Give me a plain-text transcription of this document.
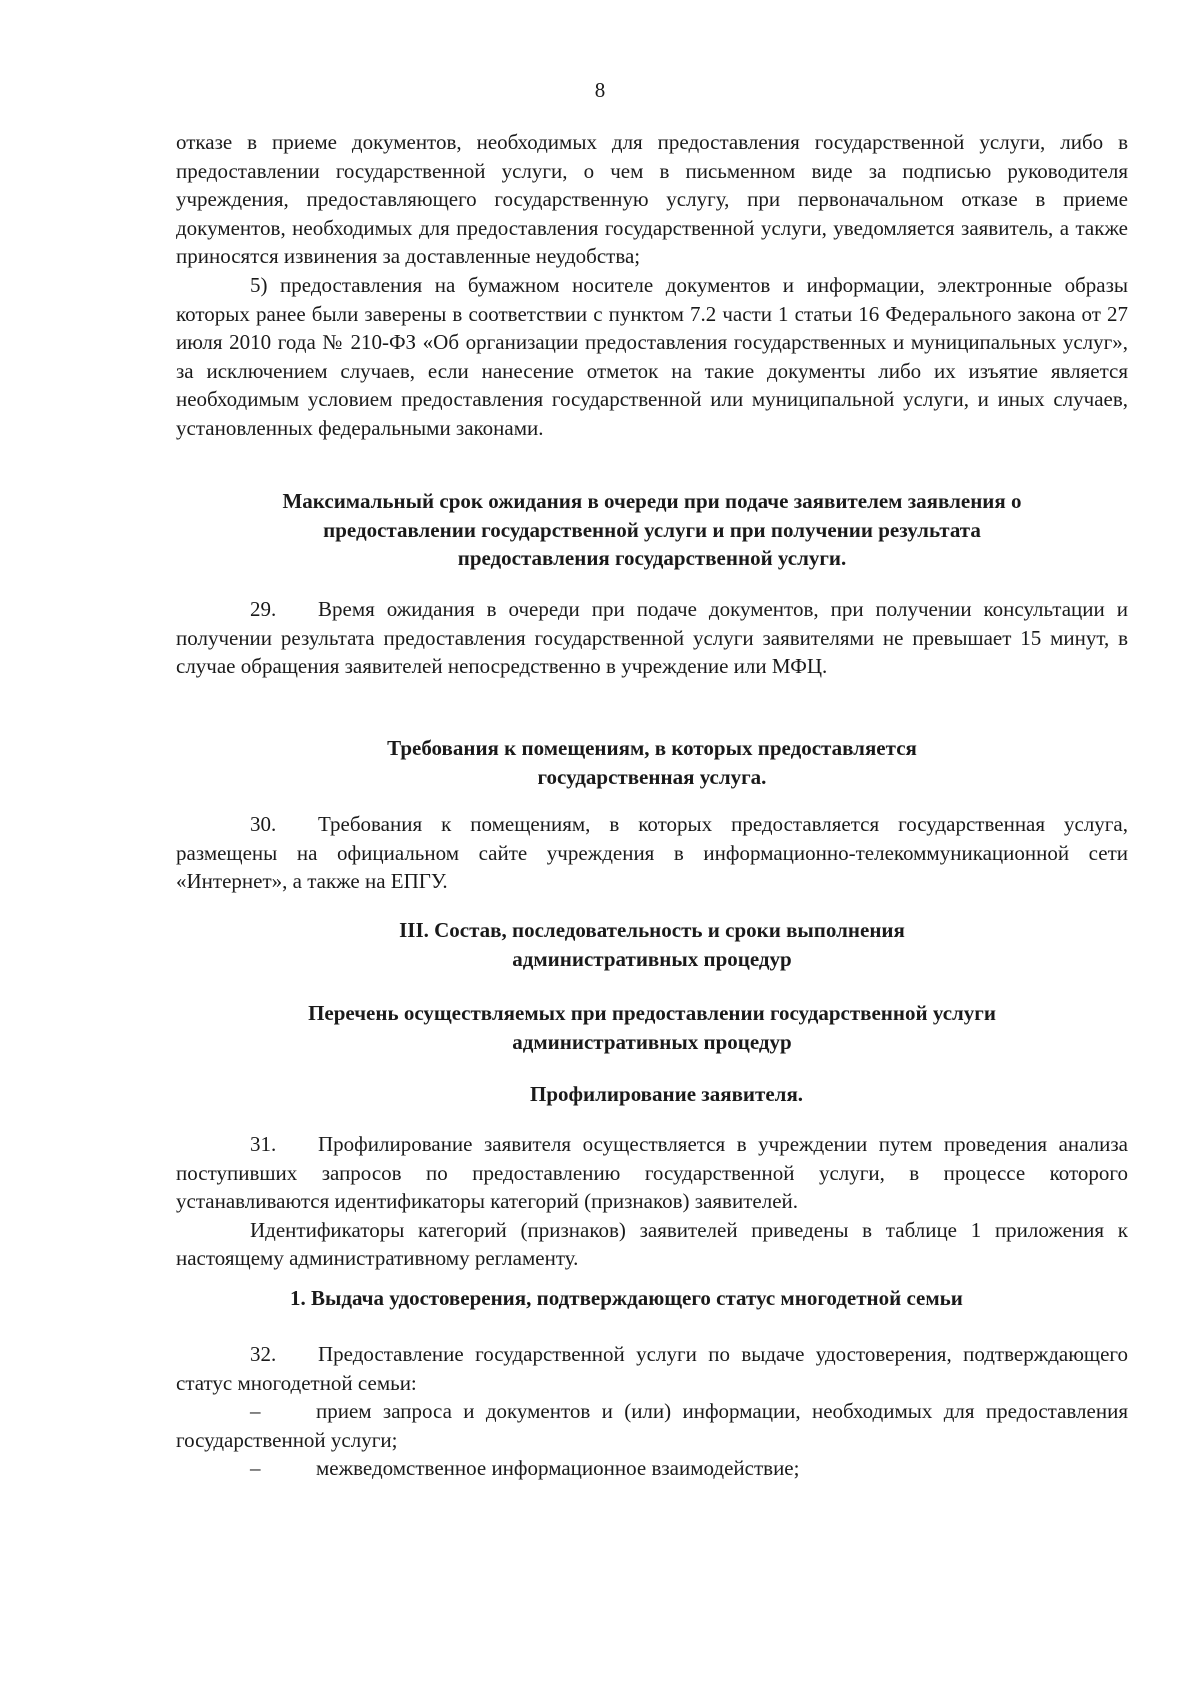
8

отказе в приеме документов, необходимых для предоставления государственной услуги, либо в предоставлении государственной услуги, о чем в письменном виде за подписью руководителя учреждения, предоставляющего государственную услугу, при первоначальном отказе в приеме документов, необходимых для предоставления государственной услуги, уведомляется заявитель, а также приносятся извинения за доставленные неудобства;

5) предоставления на бумажном носителе документов и информации, электронные образы которых ранее были заверены в соответствии с пунктом 7.2 части 1 статьи 16 Федерального закона от 27 июля 2010 года № 210-ФЗ «Об организации предоставления государственных и муниципальных услуг», за исключением случаев, если нанесение отметок на такие документы либо их изъятие является необходимым условием предоставления государственной или муниципальной услуги, и иных случаев, установленных федеральными законами.

Максимальный срок ожидания в очереди при подаче заявителем заявления о
предоставлении государственной услуги и при получении результата
предоставления государственной услуги.

29. Время ожидания в очереди при подаче документов, при получении консультации и получении результата предоставления государственной услуги заявителями не превышает 15 минут, в случае обращения заявителей непосредственно в учреждение или МФЦ.

Требования к помещениям, в которых предоставляется
государственная услуга.

30. Требования к помещениям, в которых предоставляется государственная услуга, размещены на официальном сайте учреждения в информационно-телекоммуникационной сети «Интернет», а также на ЕПГУ.

III. Состав, последовательность и сроки выполнения
административных процедур
Перечень осуществляемых при предоставлении государственной услуги
административных процедур
Профилирование заявителя.

31. Профилирование заявителя осуществляется в учреждении путем проведения анализа поступивших запросов по предоставлению государственной услуги, в процессе которого устанавливаются идентификаторы категорий (признаков) заявителей.

Идентификаторы категорий (признаков) заявителей приведены в таблице 1 приложения к настоящему административному регламенту.

1. Выдача удостоверения, подтверждающего статус многодетной семьи

32. Предоставление государственной услуги по выдаче удостоверения, подтверждающего статус многодетной семьи:

–	прием запроса и документов и (или) информации, необходимых для предоставления государственной услуги;

–	межведомственное информационное взаимодействие;
